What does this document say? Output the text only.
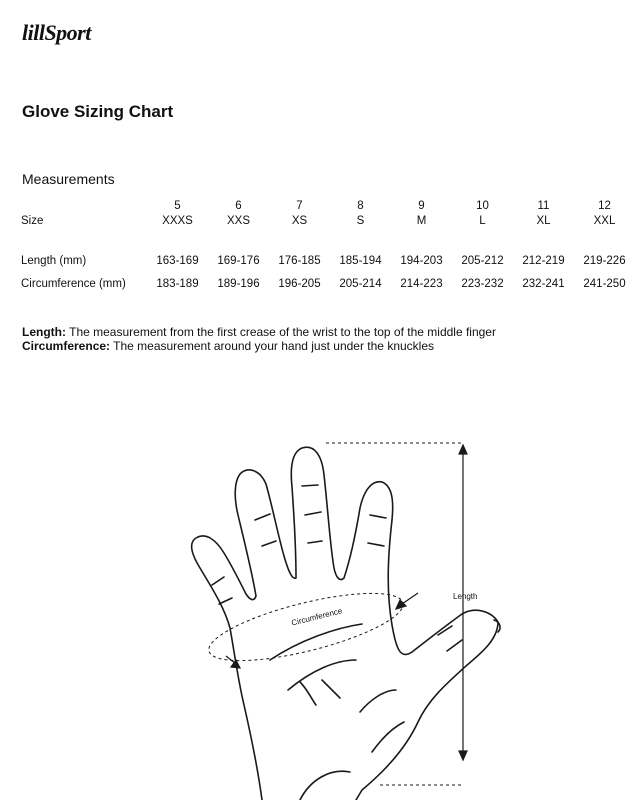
lillSport
Glove Sizing Chart
Measurements
	5	6	7	8	9	10	11	12
Size	XXXS	XXS	XS	S	M	L	XL	XXL

Length (mm)	163-169	169-176	176-185	185-194	194-203	205-212	212-219	219-226
Circumference (mm)	183-189	189-196	196-205	205-214	214-223	223-232	232-241	241-250
Length: The measurement from the first crease of the wrist to the top of the middle finger
Circumference: The measurement around your hand just under the knuckles
Length
Circumference
